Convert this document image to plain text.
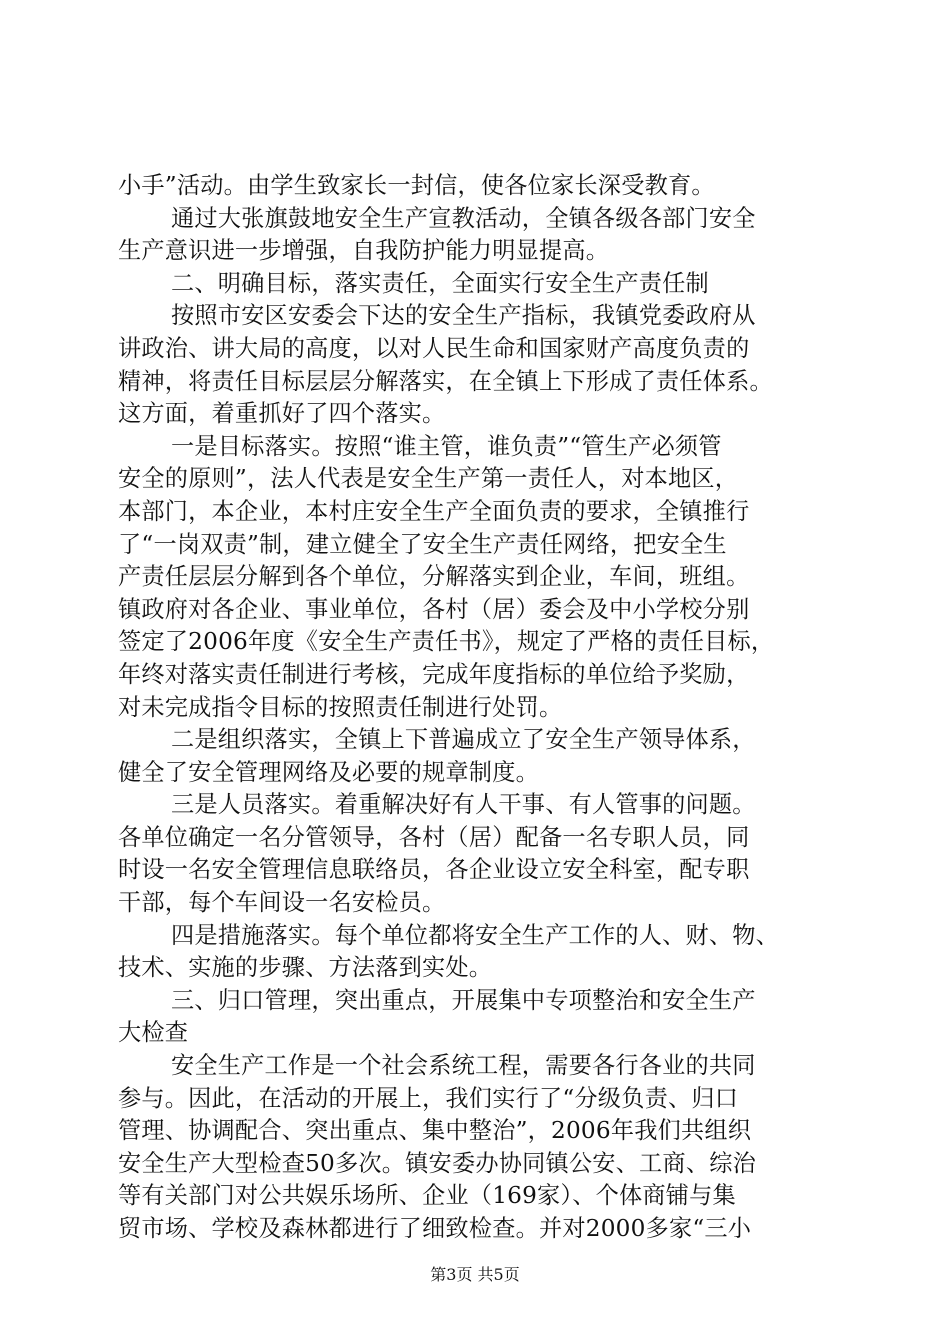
小手”活动。由学生致家长一封信，使各位家长深受教育。
通过大张旗鼓地安全生产宣教活动，全镇各级各部门安全
生产意识进一步增强，自我防护能力明显提高。
二、明确目标，落实责任，全面实行安全生产责任制
按照市安区安委会下达的安全生产指标，我镇党委政府从
讲政治、讲大局的高度，以对人民生命和国家财产高度负责的
精神，将责任目标层层分解落实，在全镇上下形成了责任体系。
这方面，着重抓好了四个落实。
一是目标落实。按照“谁主管，谁负责”“管生产必须管
安全的原则”，法人代表是安全生产第一责任人，对本地区，
本部门，本企业，本村庄安全生产全面负责的要求，全镇推行
了“一岗双责”制，建立健全了安全生产责任网络，把安全生
产责任层层分解到各个单位，分解落实到企业，车间，班组。
镇政府对各企业、事业单位，各村（居）委会及中小学校分别
签定了2006年度《安全生产责任书》，规定了严格的责任目标，
年终对落实责任制进行考核，完成年度指标的单位给予奖励，
对未完成指令目标的按照责任制进行处罚。
二是组织落实，全镇上下普遍成立了安全生产领导体系，
健全了安全管理网络及必要的规章制度。
三是人员落实。着重解决好有人干事、有人管事的问题。
各单位确定一名分管领导，各村（居）配备一名专职人员，同
时设一名安全管理信息联络员，各企业设立安全科室，配专职
干部，每个车间设一名安检员。
四是措施落实。每个单位都将安全生产工作的人、财、物、
技术、实施的步骤、方法落到实处。
三、归口管理，突出重点，开展集中专项整治和安全生产
大检查
安全生产工作是一个社会系统工程，需要各行各业的共同
参与。因此，在活动的开展上，我们实行了“分级负责、归口
管理、协调配合、突出重点、集中整治”，2006年我们共组织
安全生产大型检查50多次。镇安委办协同镇公安、工商、综治
等有关部门对公共娱乐场所、企业（169家）、个体商铺与集
贸市场、学校及森林都进行了细致检查。并对2000多家“三小
第3页 共5页
